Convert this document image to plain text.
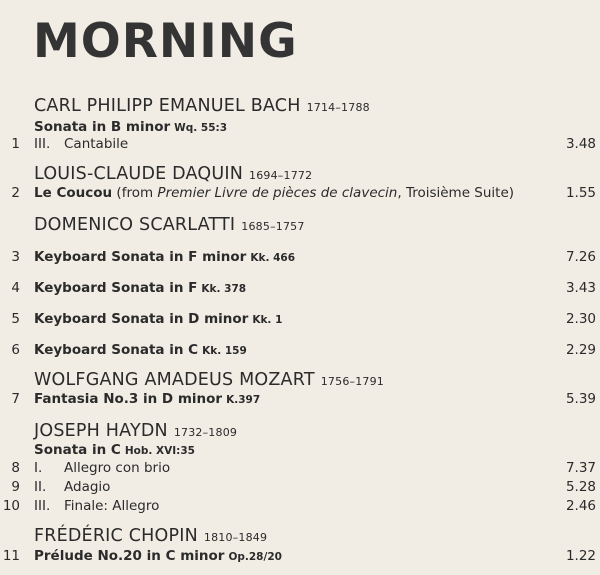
MORNING
CARL PHILIPP EMANUEL BACH 1714–1788
Sonata in B minor Wq. 55:3
1 III. Cantabile	3.48
LOUIS-CLAUDE DAQUIN 1694–1772
2 Le Coucou (from Premier Livre de pièces de clavecin, Troisième Suite)	1.55
DOMENICO SCARLATTI 1685–1757
3 Keyboard Sonata in F minor Kk. 466	7.26
4 Keyboard Sonata in F Kk. 378	3.43
5 Keyboard Sonata in D minor Kk. 1	2.30
6 Keyboard Sonata in C Kk. 159	2.29
WOLFGANG AMADEUS MOZART 1756–1791
7 Fantasia No.3 in D minor K.397	5.39
JOSEPH HAYDN 1732–1809
Sonata in C Hob. XVI:35
8 I. Allegro con brio	7.37
9 II. Adagio	5.28
10 III. Finale: Allegro	2.46
FRÉDÉRIC CHOPIN 1810–1849
11 Prélude No.20 in C minor Op.28/20	1.22
